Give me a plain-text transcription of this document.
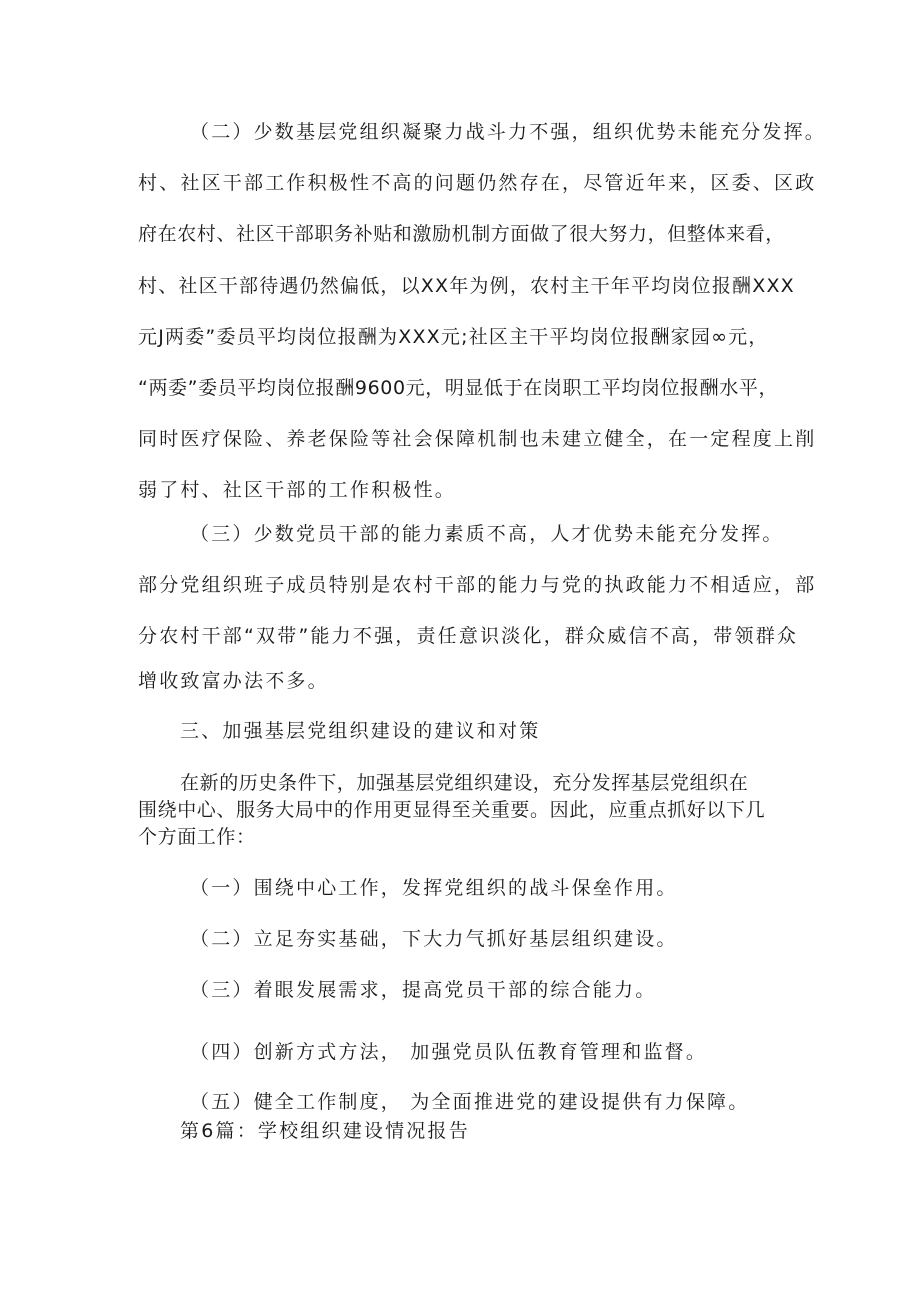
（二）少数基层党组织凝聚力战斗力不强，组织优势未能充分发挥。
村、社区干部工作积极性不高的问题仍然存在，尽管近年来，区委、区政
府在农村、社区干部职务补贴和激励机制方面做了很大努力，但整体来看，
村、社区干部待遇仍然偏低，以XX年为例，农村主干年平均岗位报酬XXX
元J两委”委员平均岗位报酬为XXX元;社区主干平均岗位报酬家园∞元，
“两委”委员平均岗位报酬9600元，明显低于在岗职工平均岗位报酬水平，
同时医疗保险、养老保险等社会保障机制也未建立健全，在一定程度上削
弱了村、社区干部的工作积极性。
（三）少数党员干部的能力素质不高，人才优势未能充分发挥。
部分党组织班子成员特别是农村干部的能力与党的执政能力不相适应，部
分农村干部“双带”能力不强，责任意识淡化，群众威信不高，带领群众
增收致富办法不多。
三、加强基层党组织建设的建议和对策
在新的历史条件下，加强基层党组织建设，充分发挥基层党组织在
围绕中心、服务大局中的作用更显得至关重要。因此，应重点抓好以下几
个方面工作：
（一）围绕中心工作，发挥党组织的战斗保垒作用。
（二）立足夯实基础，下大力气抓好基层组织建设。
（三）着眼发展需求，提高党员干部的综合能力。
（四）创新方式方法， 加强党员队伍教育管理和监督。
（五）健全工作制度， 为全面推进党的建设提供有力保障。
第6篇：学校组织建设情况报告
